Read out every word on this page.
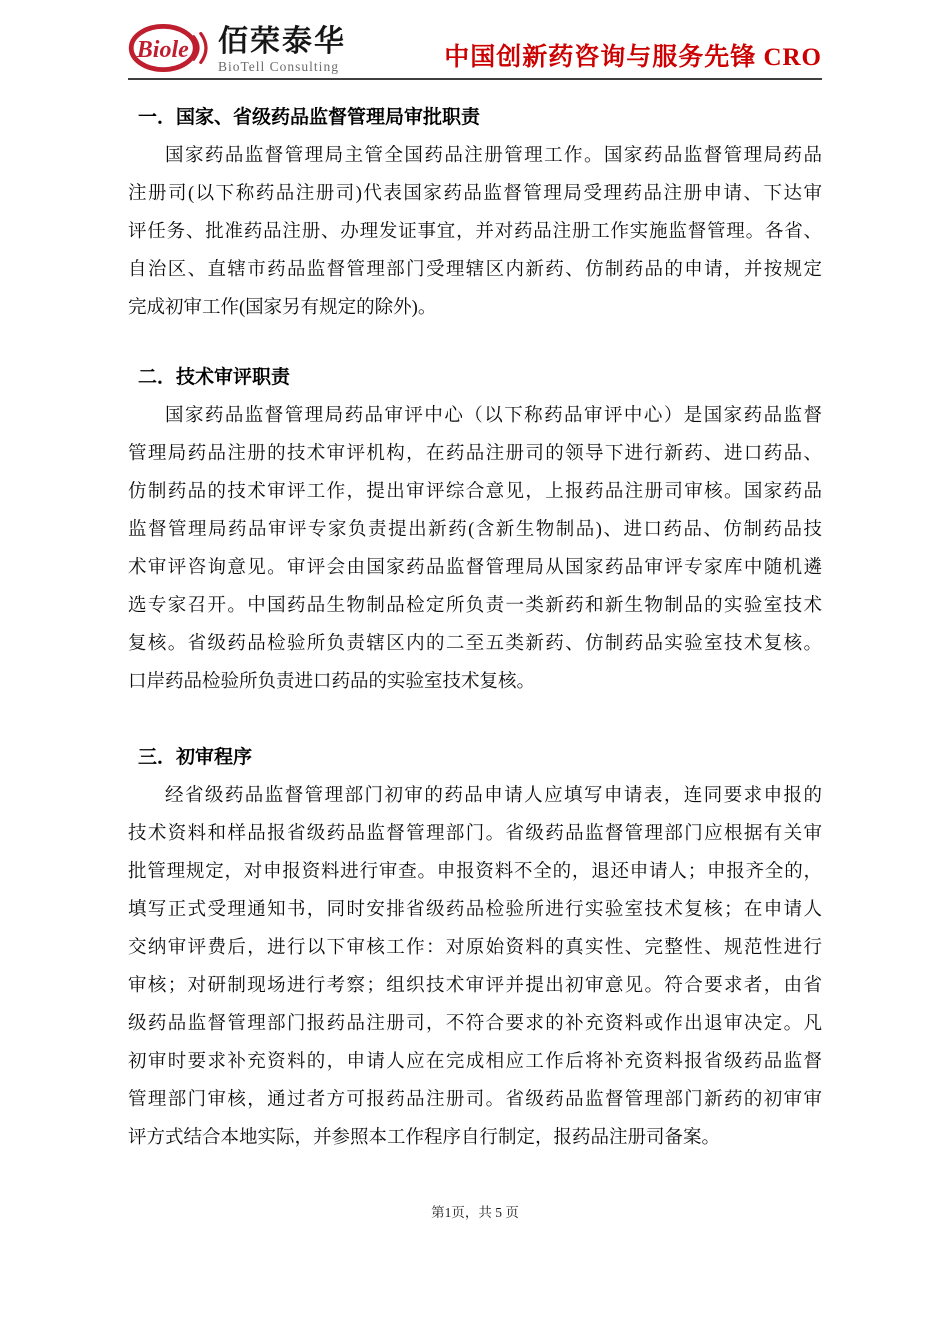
Biole 佰荣泰华
BioTell Consulting	中国创新药咨询与服务先锋 CRO
一．国家、省级药品监督管理局审批职责
国家药品监督管理局主管全国药品注册管理工作。国家药品监督管理局药品
注册司(以下称药品注册司)代表国家药品监督管理局受理药品注册申请、下达审
评任务、批准药品注册、办理发证事宜，并对药品注册工作实施监督管理。各省、
自治区、直辖市药品监督管理部门受理辖区内新药、仿制药品的申请，并按规定
完成初审工作(国家另有规定的除外)。
二．技术审评职责
国家药品监督管理局药品审评中心（以下称药品审评中心）是国家药品监督
管理局药品注册的技术审评机构，在药品注册司的领导下进行新药、进口药品、
仿制药品的技术审评工作，提出审评综合意见，上报药品注册司审核。国家药品
监督管理局药品审评专家负责提出新药(含新生物制品)、进口药品、仿制药品技
术审评咨询意见。审评会由国家药品监督管理局从国家药品审评专家库中随机遴
选专家召开。中国药品生物制品检定所负责一类新药和新生物制品的实验室技术
复核。省级药品检验所负责辖区内的二至五类新药、仿制药品实验室技术复核。
口岸药品检验所负责进口药品的实验室技术复核。
三．初审程序
经省级药品监督管理部门初审的药品申请人应填写申请表，连同要求申报的
技术资料和样品报省级药品监督管理部门。省级药品监督管理部门应根据有关审
批管理规定，对申报资料进行审查。申报资料不全的，退还申请人；申报齐全的，
填写正式受理通知书，同时安排省级药品检验所进行实验室技术复核；在申请人
交纳审评费后，进行以下审核工作：对原始资料的真实性、完整性、规范性进行
审核；对研制现场进行考察；组织技术审评并提出初审意见。符合要求者，由省
级药品监督管理部门报药品注册司，不符合要求的补充资料或作出退审决定。凡
初审时要求补充资料的，申请人应在完成相应工作后将补充资料报省级药品监督
管理部门审核，通过者方可报药品注册司。省级药品监督管理部门新药的初审审
评方式结合本地实际，并参照本工作程序自行制定，报药品注册司备案。
第1页，共 5 页
